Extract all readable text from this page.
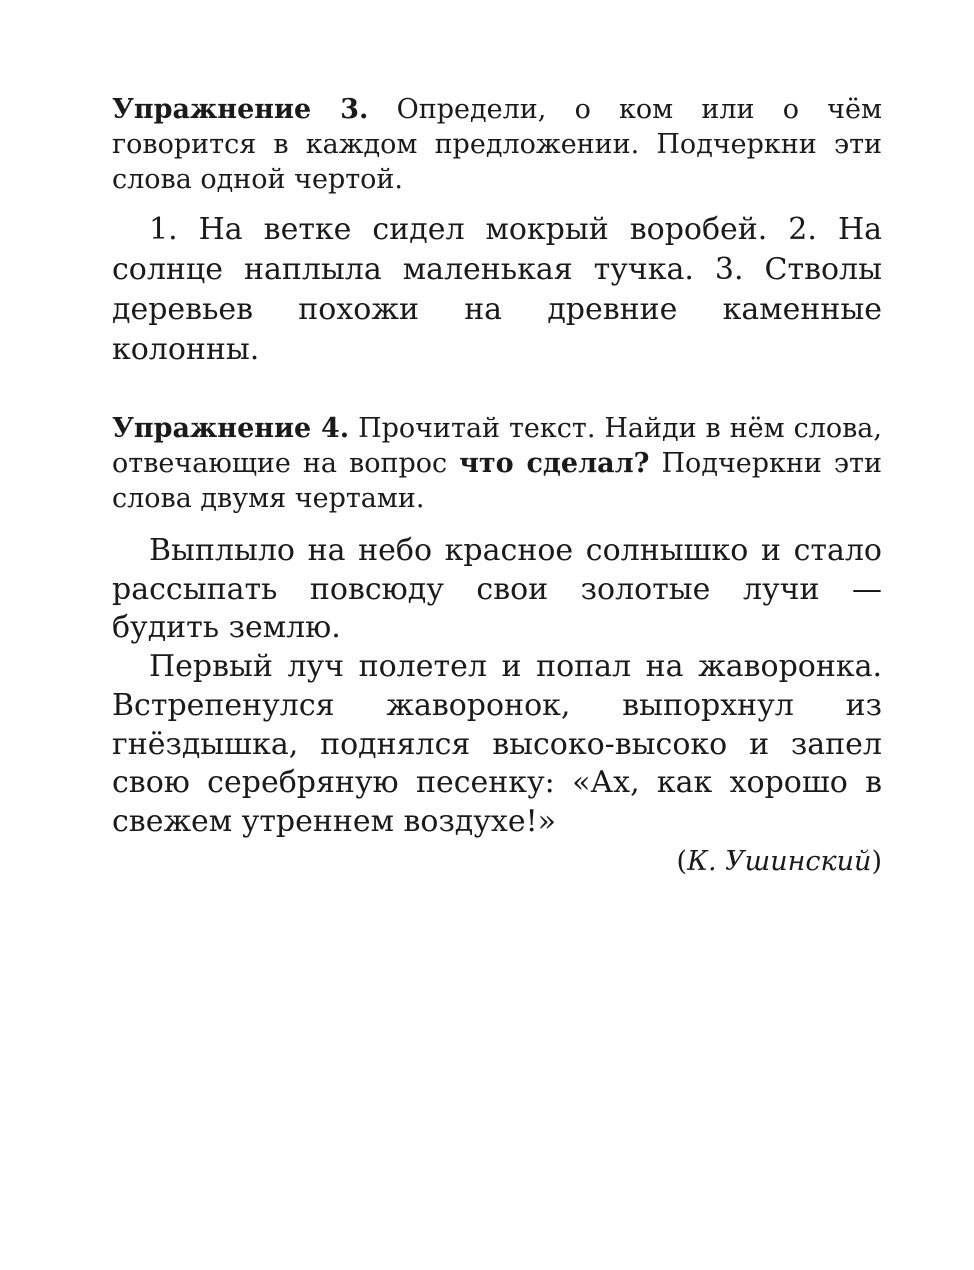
Упражнение 3. Определи, о ком или о чём говорится в каждом предложении. Подчеркни эти слова одной чертой.

1. На ветке сидел мокрый воробей. 2. На солнце наплыла маленькая тучка. 3. Стволы деревьев похожи на древние каменные колонны.

Упражнение 4. Прочитай текст. Найди в нём слова, отвечающие на вопрос что сделал? Подчеркни эти слова двумя чертами.

Выплыло на небо красное солнышко и стало рассыпать повсюду свои золотые лучи — будить землю.

Первый луч полетел и попал на жаворонка. Встрепенулся жаворонок, выпорхнул из гнёздышка, поднялся высоко-высоко и запел свою серебряную песенку: «Ах, как хорошо в свежем утреннем воздухе!»

(К. Ушинский)
